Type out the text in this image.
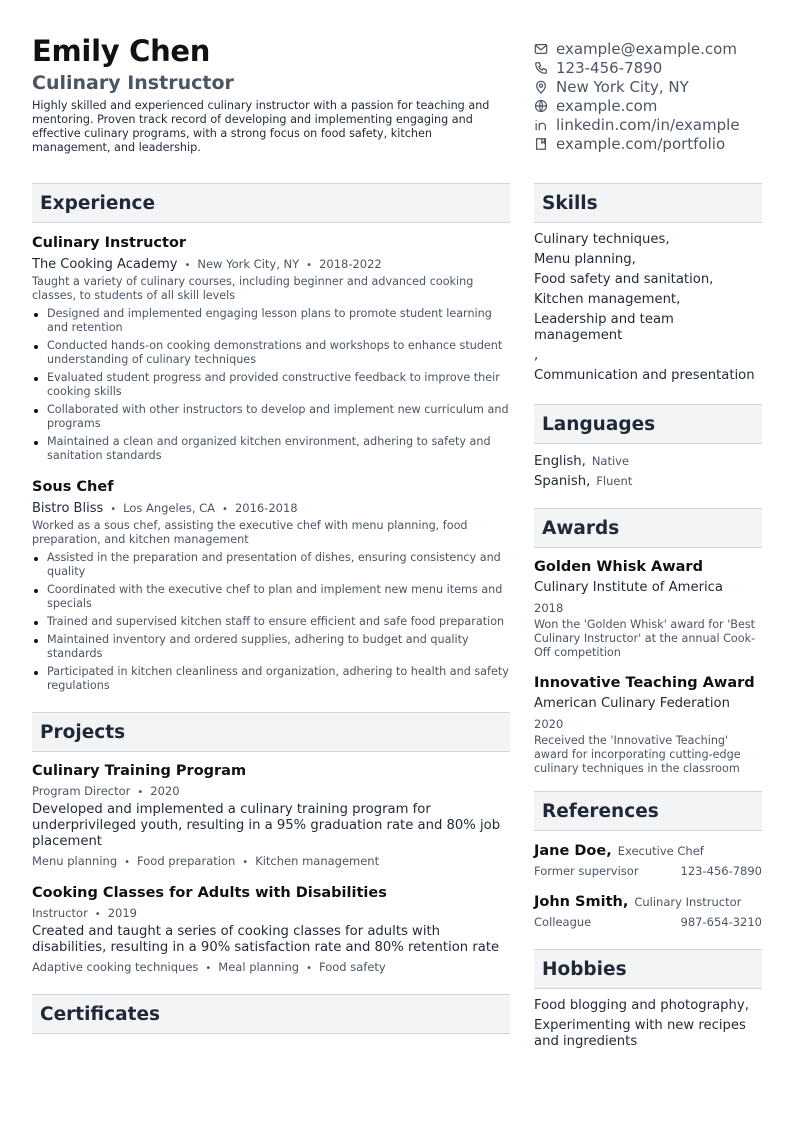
Emily Chen
Culinary Instructor

Highly skilled and experienced culinary instructor with a passion for teaching and mentoring. Proven track record of developing and implementing engaging and effective culinary programs, with a strong focus on food safety, kitchen management, and leadership.

example@example.com
123-456-7890
New York City, NY
example.com
linkedin.com/in/example
example.com/portfolio
Experience
Culinary Instructor
The Cooking Academy • New York City, NY • 2018-2022
Taught a variety of culinary courses, including beginner and advanced cooking classes, to students of all skill levels
Designed and implemented engaging lesson plans to promote student learning and retention
Conducted hands-on cooking demonstrations and workshops to enhance student understanding of culinary techniques
Evaluated student progress and provided constructive feedback to improve their cooking skills
Collaborated with other instructors to develop and implement new curriculum and programs
Maintained a clean and organized kitchen environment, adhering to safety and sanitation standards
Sous Chef
Bistro Bliss • Los Angeles, CA • 2016-2018
Worked as a sous chef, assisting the executive chef with menu planning, food preparation, and kitchen management
Assisted in the preparation and presentation of dishes, ensuring consistency and quality
Coordinated with the executive chef to plan and implement new menu items and specials
Trained and supervised kitchen staff to ensure efficient and safe food preparation
Maintained inventory and ordered supplies, adhering to budget and quality standards
Participated in kitchen cleanliness and organization, adhering to health and safety regulations
Projects
Culinary Training Program
Program Director • 2020
Developed and implemented a culinary training program for underprivileged youth, resulting in a 95% graduation rate and 80% job placement
Menu planning • Food preparation • Kitchen management
Cooking Classes for Adults with Disabilities
Instructor • 2019
Created and taught a series of cooking classes for adults with disabilities, resulting in a 90% satisfaction rate and 80% retention rate
Adaptive cooking techniques • Meal planning • Food safety
Certificates
Skills
Culinary techniques,
Menu planning,
Food safety and sanitation,
Kitchen management,
Leadership and team management
,
Communication and presentation
Languages
English, Native
Spanish, Fluent
Awards
Golden Whisk Award
Culinary Institute of America
2018
Won the 'Golden Whisk' award for 'Best Culinary Instructor' at the annual Cook-Off competition
Innovative Teaching Award
American Culinary Federation
2020
Received the 'Innovative Teaching' award for incorporating cutting-edge culinary techniques in the classroom
References
Jane Doe, Executive Chef
Former supervisor	123-456-7890
John Smith, Culinary Instructor
Colleague	987-654-3210
Hobbies
Food blogging and photography,
Experimenting with new recipes and ingredients
